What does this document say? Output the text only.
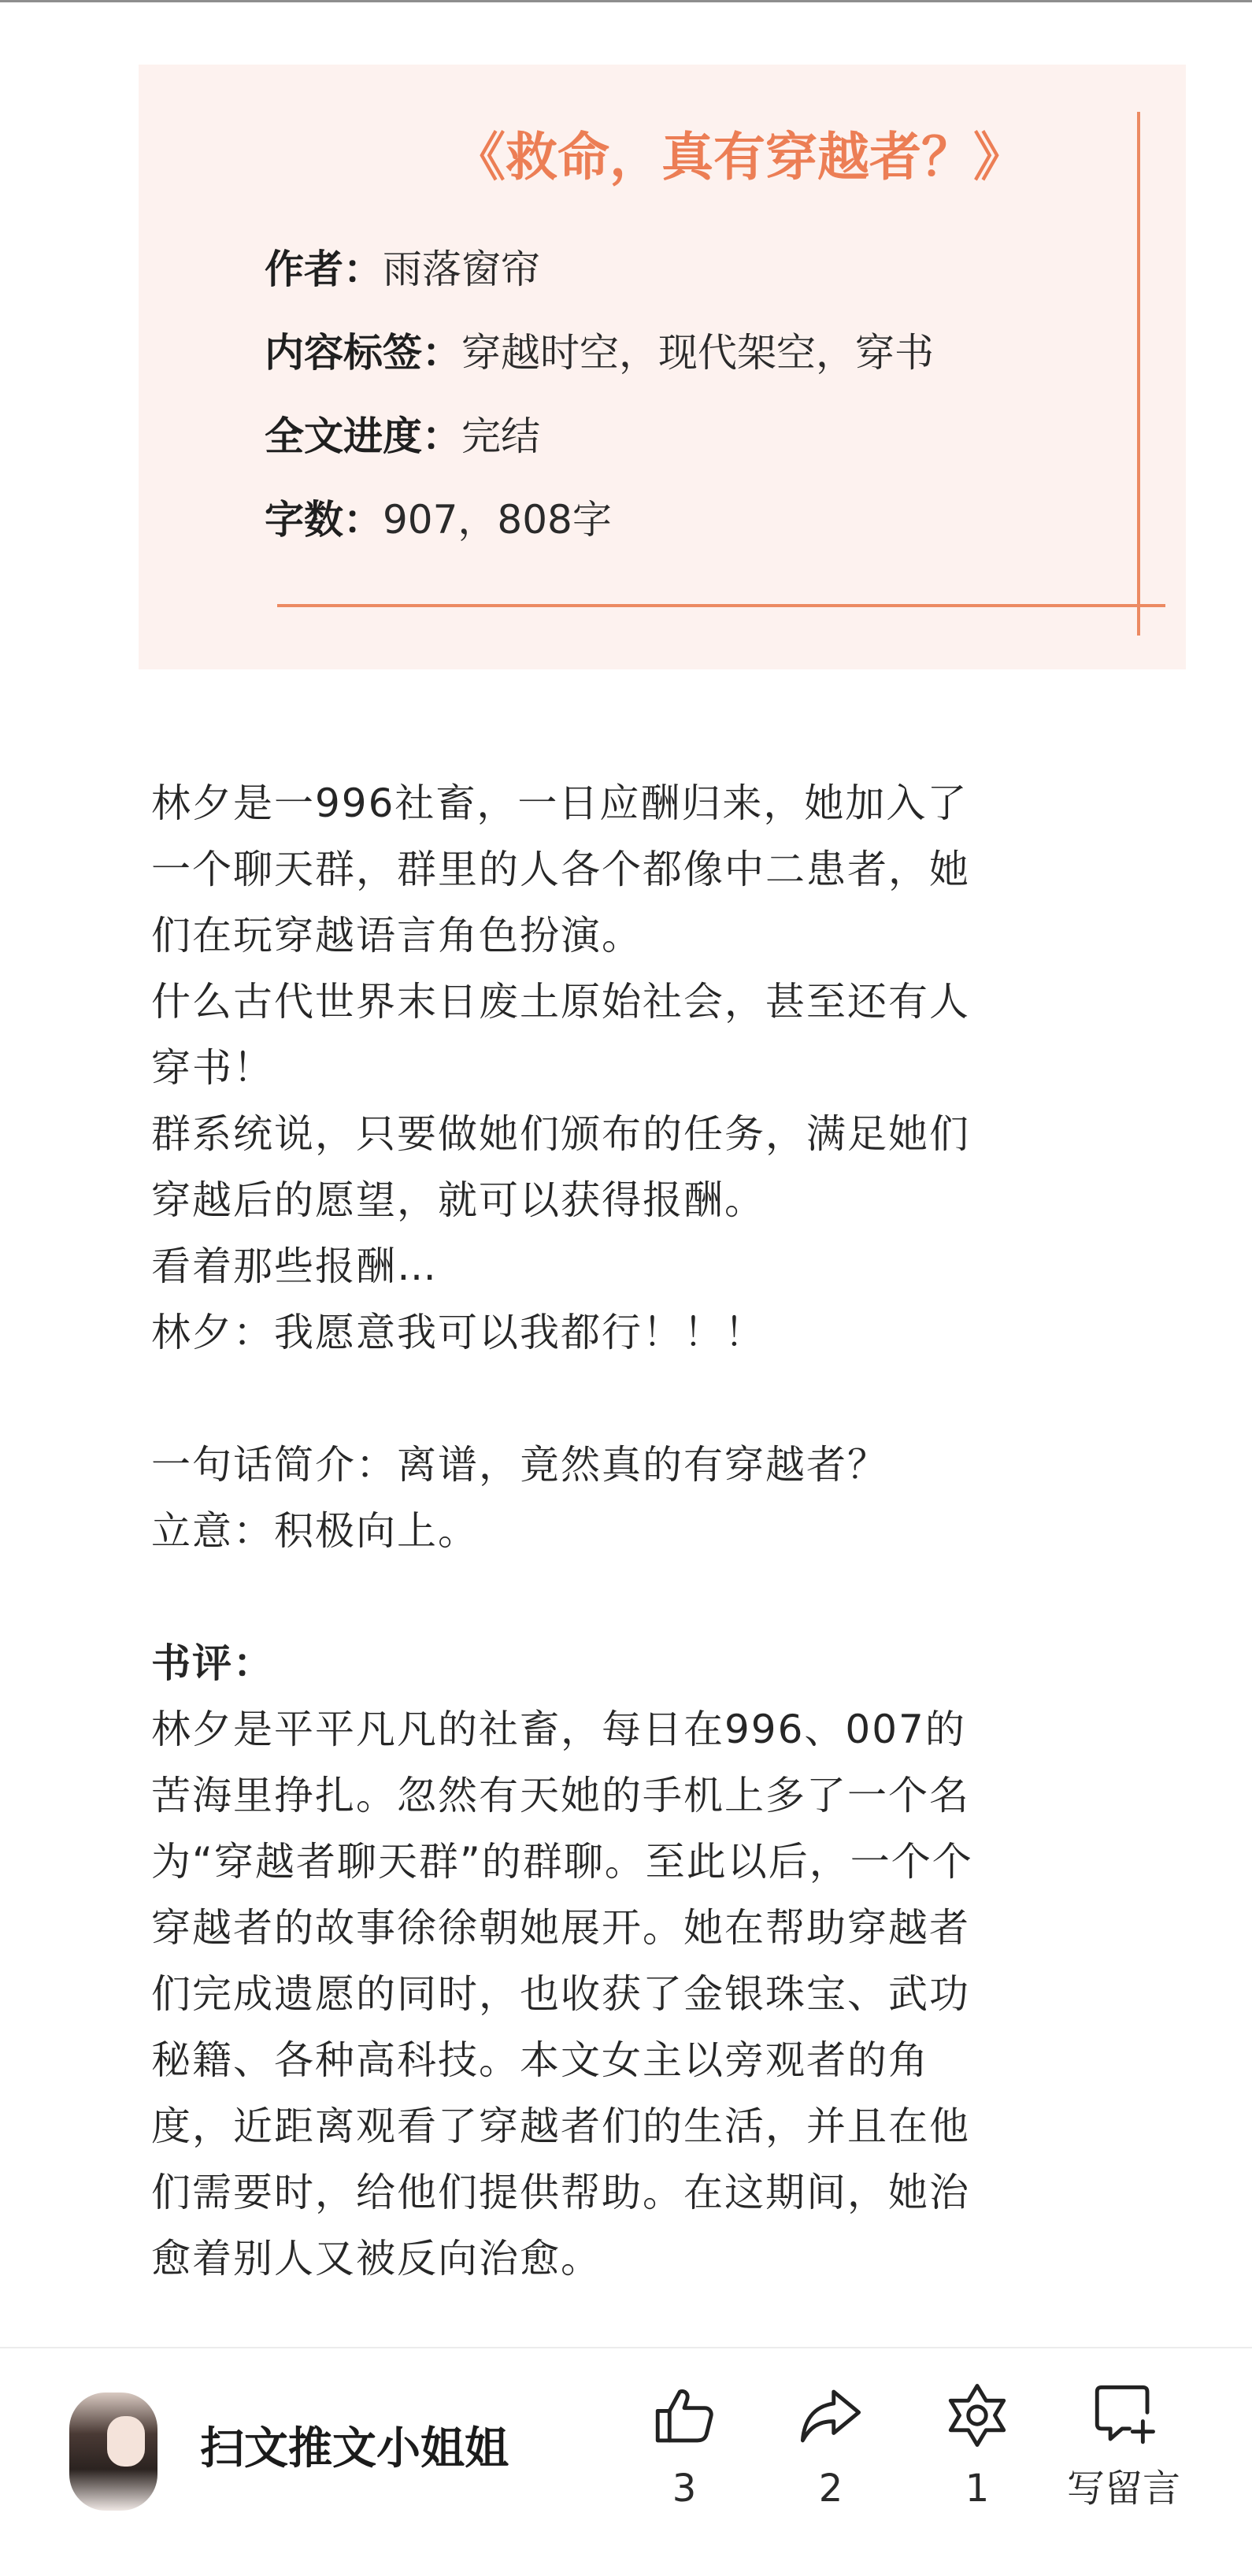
《救命，真有穿越者？》
作者：雨落窗帘
内容标签：穿越时空，现代架空，穿书
全文进度：完结
字数：907，808字
林夕是一996社畜，一日应酬归来，她加入了
一个聊天群，群里的人各个都像中二患者，她
们在玩穿越语言角色扮演。
什么古代世界末日废土原始社会，甚至还有人
穿书！
群系统说，只要做她们颁布的任务，满足她们
穿越后的愿望，就可以获得报酬。
看着那些报酬…
林夕：我愿意我可以我都行！！！
一句话简介：离谱，竟然真的有穿越者？
立意：积极向上。
书评：
林夕是平平凡凡的社畜，每日在996、007的
苦海里挣扎。忽然有天她的手机上多了一个名
为“穿越者聊天群”的群聊。至此以后，一个个
穿越者的故事徐徐朝她展开。她在帮助穿越者
们完成遗愿的同时，也收获了金银珠宝、武功
秘籍、各种高科技。本文女主以旁观者的角
度，近距离观看了穿越者们的生活，并且在他
们需要时，给他们提供帮助。在这期间，她治
愈着别人又被反向治愈。
扫文推文小姐姐
3	2	1	写留言
